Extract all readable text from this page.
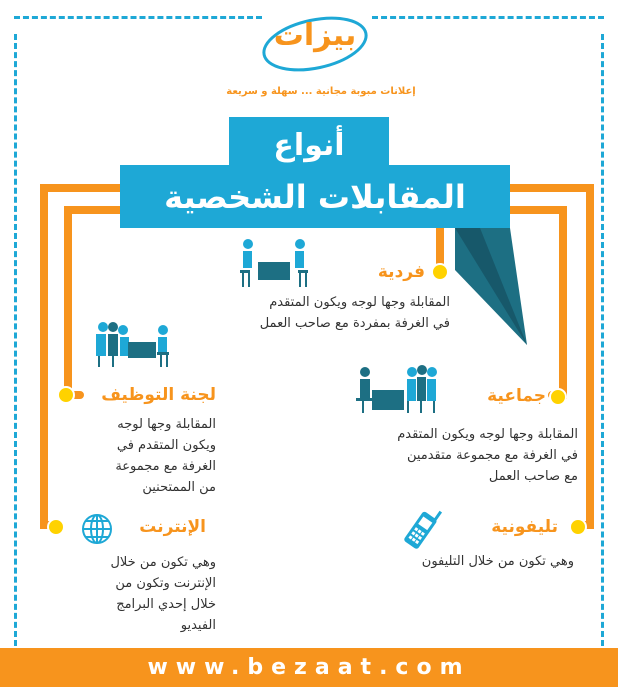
بيزات
إعلانات مبوبة مجانية ... سهلة و سريعة
أنواع
المقابلات الشخصية
فردية
المقابلة وجها لوجه ويكون المتقدم
في الغرفة بمفردة مع صاحب العمل
لجنة التوظيف
المقابلة وجها لوجه
ويكون المتقدم في
الغرفة مع مجموعة
من الممتحنين
جماعية
المقابلة وجها لوجه ويكون المتقدم
في الغرفة مع مجموعة متقدمين
مع صاحب العمل
الإنترنت
وهي تكون من خلال
الإنترنت وتكون من
خلال إحدي البرامج
الفيديو
تليفونية
وهي تكون من خلال التليفون
www.bezaat.com
